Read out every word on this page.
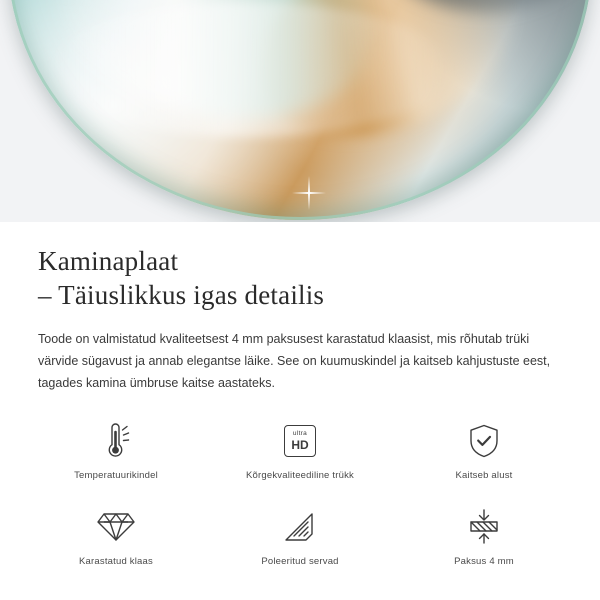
Kaminaplaat
– Täiuslikkus igas detailis

Toode on valmistatud kvaliteetsest 4 mm paksusest karastatud klaasist, mis rõhutab trüki värvide sügavust ja annab elegantse läike. See on kuumuskindel ja kaitseb kahjustuste eest, tagades kamina ümbruse kaitse aastateks.

Temperatuurikindel
ultra
HD
Kõrgekvaliteediline trükk	Kaitseb alust
Karastatud klaas	Poleeritud servad	Paksus 4 mm
